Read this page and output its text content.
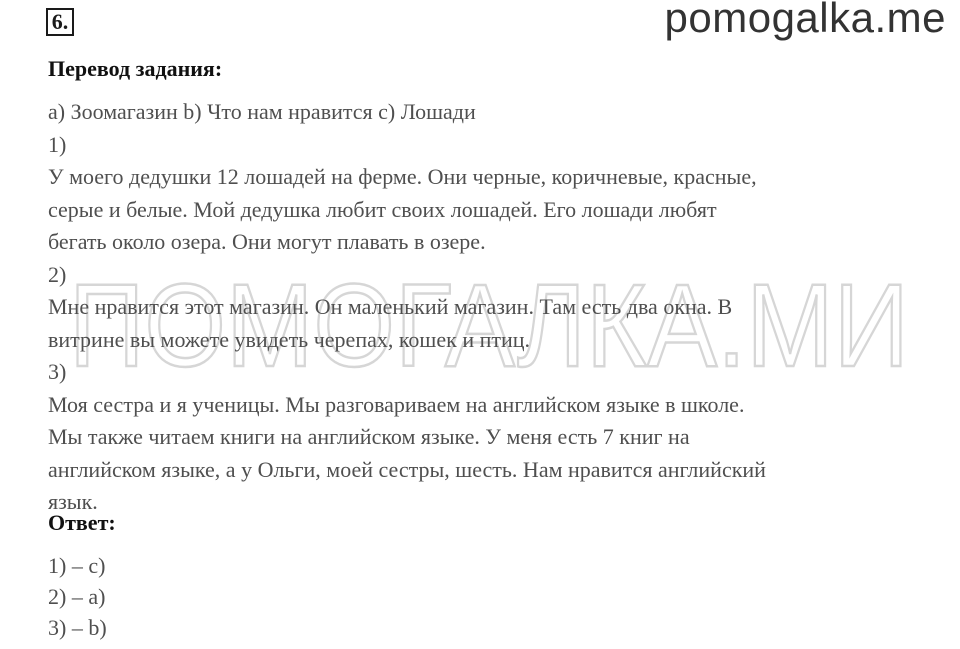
6.	pomogalka.me
ПОМОГАЛКА.МИ
Перевод задания:
a) Зоомагазин b) Что нам нравится c) Лошади
1)
У моего дедушки 12 лошадей на ферме. Они черные, коричневые, красные,
серые и белые. Мой дедушка любит своих лошадей. Его лошади любят
бегать около озера. Они могут плавать в озере.
2)
Мне нравится этот магазин. Он маленький магазин. Там есть два окна. В
витрине вы можете увидеть черепах, кошек и птиц.
3)
Моя сестра и я ученицы. Мы разговариваем на английском языке в школе.
Мы также читаем книги на английском языке. У меня есть 7 книг на
английском языке, а у Ольги, моей сестры, шесть. Нам нравится английский
язык.
Ответ:
1) – c)
2) – a)
3) – b)
